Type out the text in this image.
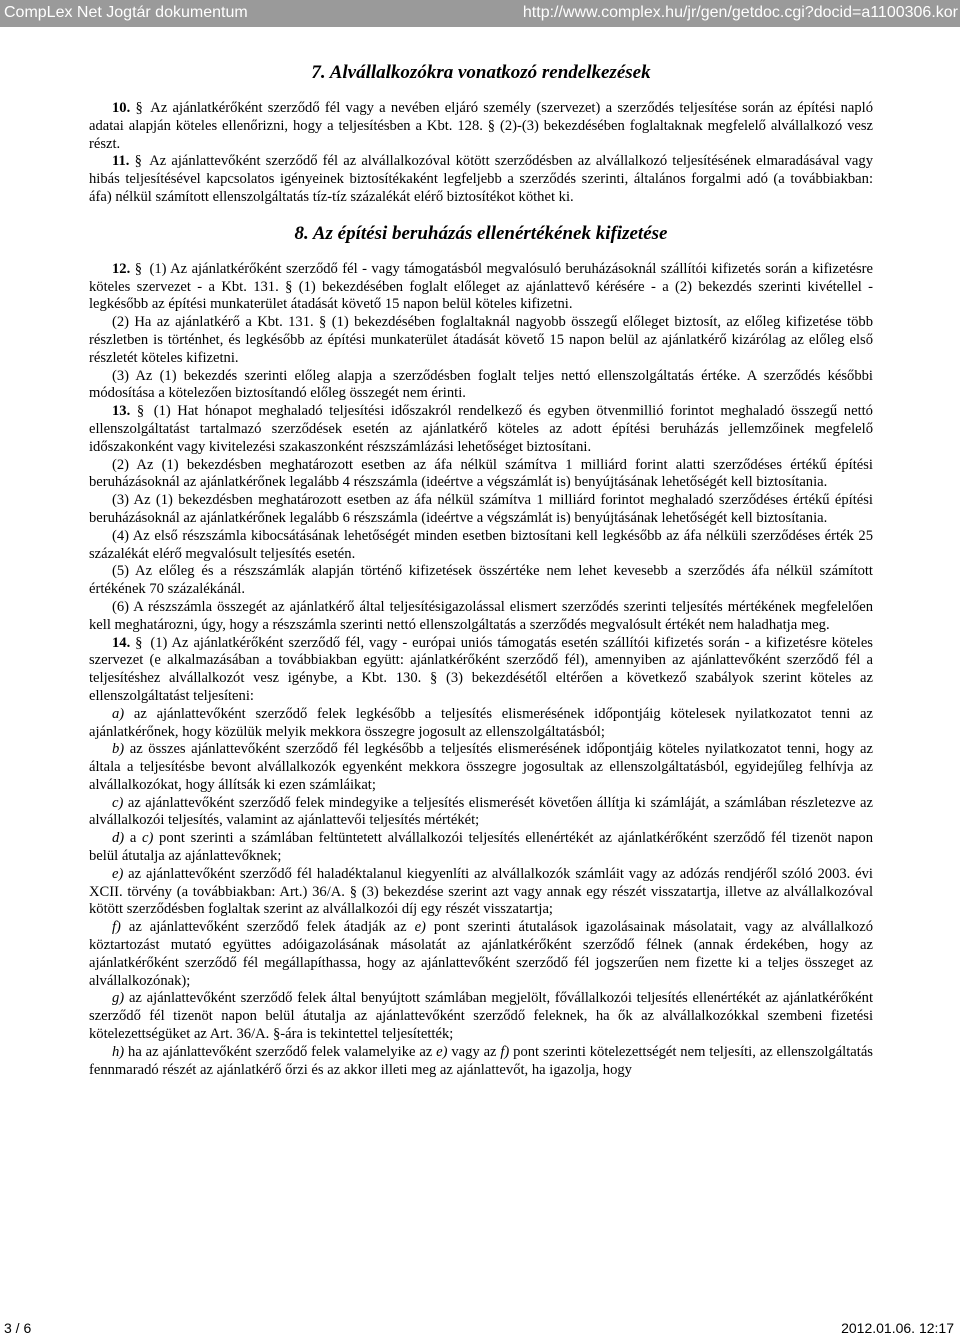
CompLex Net Jogtár dokumentum	http://www.complex.hu/jr/gen/getdoc.cgi?docid=a1100306.kor
7. Alvállalkozókra vonatkozó rendelkezések

10. § Az ajánlatkérőként szerződő fél vagy a nevében eljáró személy (szervezet) a szerződés teljesítése során az építési napló adatai alapján köteles ellenőrizni, hogy a teljesítésben a Kbt. 128. § (2)-(3) bekezdésében foglaltaknak megfelelő alvállalkozó vesz részt.

11. § Az ajánlattevőként szerződő fél az alvállalkozóval kötött szerződésben az alvállalkozó teljesítésének elmaradásával vagy hibás teljesítésével kapcsolatos igényeinek biztosítékaként legfeljebb a szerződés szerinti, általános forgalmi adó (a továbbiakban: áfa) nélkül számított ellenszolgáltatás tíz-tíz százalékát elérő biztosítékot köthet ki.

8. Az építési beruházás ellenértékének kifizetése

12. § (1) Az ajánlatkérőként szerződő fél - vagy támogatásból megvalósuló beruházásoknál szállítói kifizetés során a kifizetésre köteles szervezet - a Kbt. 131. § (1) bekezdésében foglalt előleget az ajánlattevő kérésére - a (2) bekezdés szerinti kivétellel - legkésőbb az építési munkaterület átadását követő 15 napon belül köteles kifizetni.

(2) Ha az ajánlatkérő a Kbt. 131. § (1) bekezdésében foglaltaknál nagyobb összegű előleget biztosít, az előleg kifizetése több részletben is történhet, és legkésőbb az építési munkaterület átadását követő 15 napon belül az ajánlatkérő kizárólag az előleg első részletét köteles kifizetni.

(3) Az (1) bekezdés szerinti előleg alapja a szerződésben foglalt teljes nettó ellenszolgáltatás értéke. A szerződés későbbi módosítása a kötelezően biztosítandó előleg összegét nem érinti.

13. § (1) Hat hónapot meghaladó teljesítési időszakról rendelkező és egyben ötvenmillió forintot meghaladó összegű nettó ellenszolgáltatást tartalmazó szerződések esetén az ajánlatkérő köteles az adott építési beruházás jellemzőinek megfelelő időszakonként vagy kivitelezési szakaszonként részszámlázási lehetőséget biztosítani.

(2) Az (1) bekezdésben meghatározott esetben az áfa nélkül számítva 1 milliárd forint alatti szerződéses értékű építési beruházásoknál az ajánlatkérőnek legalább 4 részszámla (ideértve a végszámlát is) benyújtásának lehetőségét kell biztosítania.

(3) Az (1) bekezdésben meghatározott esetben az áfa nélkül számítva 1 milliárd forintot meghaladó szerződéses értékű építési beruházásoknál az ajánlatkérőnek legalább 6 részszámla (ideértve a végszámlát is) benyújtásának lehetőségét kell biztosítania.

(4) Az első részszámla kibocsátásának lehetőségét minden esetben biztosítani kell legkésőbb az áfa nélküli szerződéses érték 25 százalékát elérő megvalósult teljesítés esetén.

(5) Az előleg és a részszámlák alapján történő kifizetések összértéke nem lehet kevesebb a szerződés áfa nélkül számított értékének 70 százalékánál.

(6) A részszámla összegét az ajánlatkérő által teljesítésigazolással elismert szerződés szerinti teljesítés mértékének megfelelően kell meghatározni, úgy, hogy a részszámla szerinti nettó ellenszolgáltatás a szerződés megvalósult értékét nem haladhatja meg.

14. § (1) Az ajánlatkérőként szerződő fél, vagy - európai uniós támogatás esetén szállítói kifizetés során - a kifizetésre köteles szervezet (e alkalmazásában a továbbiakban együtt: ajánlatkérőként szerződő fél), amennyiben az ajánlattevőként szerződő fél a teljesítéshez alvállalkozót vesz igénybe, a Kbt. 130. § (3) bekezdésétől eltérően a következő szabályok szerint köteles az ellenszolgáltatást teljesíteni:

a) az ajánlattevőként szerződő felek legkésőbb a teljesítés elismerésének időpontjáig kötelesek nyilatkozatot tenni az ajánlatkérőnek, hogy közülük melyik mekkora összegre jogosult az ellenszolgáltatásból;

b) az összes ajánlattevőként szerződő fél legkésőbb a teljesítés elismerésének időpontjáig köteles nyilatkozatot tenni, hogy az általa a teljesítésbe bevont alvállalkozók egyenként mekkora összegre jogosultak az ellenszolgáltatásból, egyidejűleg felhívja az alvállalkozókat, hogy állítsák ki ezen számláikat;

c) az ajánlattevőként szerződő felek mindegyike a teljesítés elismerését követően állítja ki számláját, a számlában részletezve az alvállalkozói teljesítés, valamint az ajánlattevői teljesítés mértékét;

d) a c) pont szerinti a számlában feltüntetett alvállalkozói teljesítés ellenértékét az ajánlatkérőként szerződő fél tizenöt napon belül átutalja az ajánlattevőknek;

e) az ajánlattevőként szerződő fél haladéktalanul kiegyenlíti az alvállalkozók számláit vagy az adózás rendjéről szóló 2003. évi XCII. törvény (a továbbiakban: Art.) 36/A. § (3) bekezdése szerint azt vagy annak egy részét visszatartja, illetve az alvállalkozóval kötött szerződésben foglaltak szerint az alvállalkozói díj egy részét visszatartja;

f) az ajánlattevőként szerződő felek átadják az e) pont szerinti átutalások igazolásainak másolatait, vagy az alvállalkozó köztartozást mutató együttes adóigazolásának másolatát az ajánlatkérőként szerződő félnek (annak érdekében, hogy az ajánlatkérőként szerződő fél megállapíthassa, hogy az ajánlattevőként szerződő fél jogszerűen nem fizette ki a teljes összeget az alvállalkozónak);

g) az ajánlattevőként szerződő felek által benyújtott számlában megjelölt, fővállalkozói teljesítés ellenértékét az ajánlatkérőként szerződő fél tizenöt napon belül átutalja az ajánlattevőként szerződő feleknek, ha ők az alvállalkozókkal szembeni fizetési kötelezettségüket az Art. 36/A. §-ára is tekintettel teljesítették;

h) ha az ajánlattevőként szerződő felek valamelyike az e) vagy az f) pont szerinti kötelezettségét nem teljesíti, az ellenszolgáltatás fennmaradó részét az ajánlatkérő őrzi és az akkor illeti meg az ajánlattevőt, ha igazolja, hogy

3 / 6	2012.01.06. 12:17
